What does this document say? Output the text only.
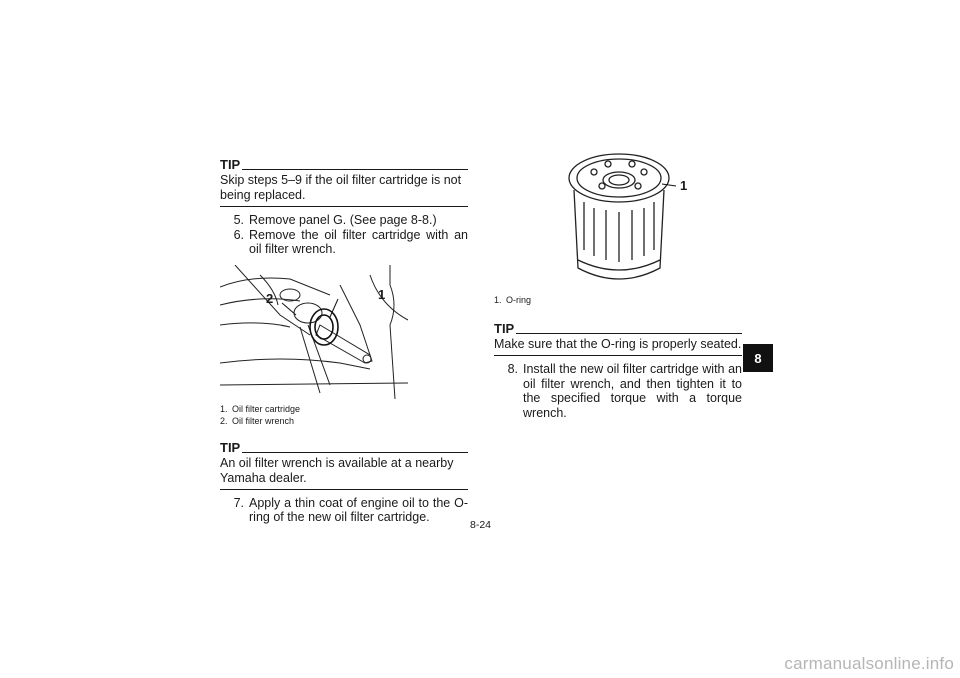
TIP

Skip steps 5–9 if the oil filter cartridge is not being replaced.

5. Remove panel G. (See page 8-8.)
6. Remove the oil filter cartridge with an oil filter wrench.
2	1
1. Oil filter cartridge
2. Oil filter wrench
TIP

An oil filter wrench is available at a nearby Yamaha dealer.

7. Apply a thin coat of engine oil to the O-ring of the new oil filter cartridge.
1
1. O-ring
TIP

Make sure that the O-ring is properly seated.

8. Install the new oil filter cartridge with an oil filter wrench, and then tighten it to the specified torque with a torque wrench.
8
8-24
carmanualsonline.info
